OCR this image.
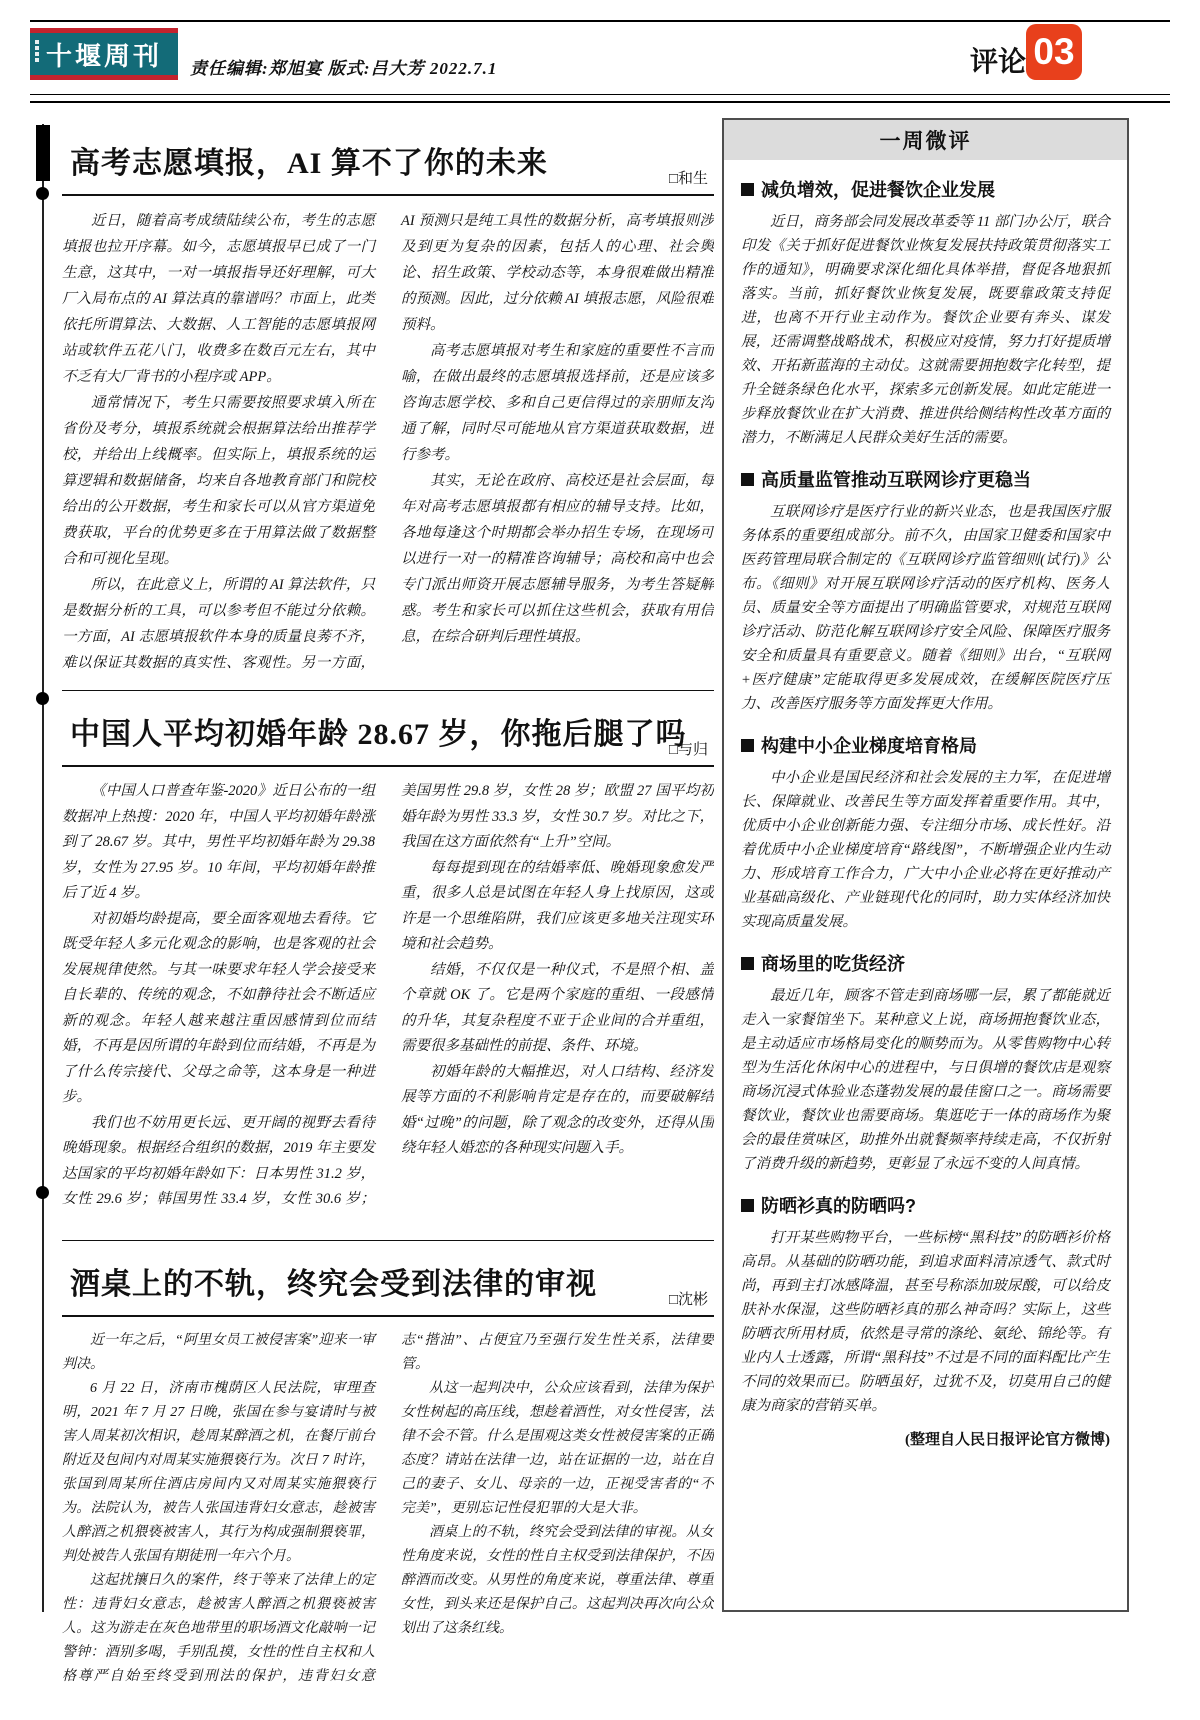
十堰周刊 责任编辑:郑旭宴 版式:吕大芳 2022.7.1	评论 03
高考志愿填报，AI 算不了你的未来	□和生

近日，随着高考成绩陆续公布，考生的志愿填报也拉开序幕。如今，志愿填报早已成了一门生意，这其中，一对一填报指导还好理解，可大厂入局布点的 AI 算法真的靠谱吗？市面上，此类依托所谓算法、大数据、人工智能的志愿填报网站或软件五花八门，收费多在数百元左右，其中不乏有大厂背书的小程序或 APP。

通常情况下，考生只需要按照要求填入所在省份及考分，填报系统就会根据算法给出推荐学校，并给出上线概率。但实际上，填报系统的运算逻辑和数据储备，均来自各地教育部门和院校给出的公开数据，考生和家长可以从官方渠道免费获取，平台的优势更多在于用算法做了数据整合和可视化呈现。

所以，在此意义上，所谓的 AI 算法软件，只是数据分析的工具，可以参考但不能过分依赖。一方面，AI 志愿填报软件本身的质量良莠不齐，难以保证其数据的真实性、客观性。另一方面，AI 预测只是纯工具性的数据分析，高考填报则涉及到更为复杂的因素，包括人的心理、社会舆论、招生政策、学校动态等，本身很难做出精准的预测。因此，过分依赖 AI 填报志愿，风险很难预料。

高考志愿填报对考生和家庭的重要性不言而喻，在做出最终的志愿填报选择前，还是应该多咨询志愿学校、多和自己更信得过的亲朋师友沟通了解，同时尽可能地从官方渠道获取数据，进行参考。

其实，无论在政府、高校还是社会层面，每年对高考志愿填报都有相应的辅导支持。比如，各地每逢这个时期都会举办招生专场，在现场可以进行一对一的精准咨询辅导；高校和高中也会专门派出师资开展志愿辅导服务，为考生答疑解惑。考生和家长可以抓住这些机会，获取有用信息，在综合研判后理性填报。

中国人平均初婚年龄 28.67 岁，你拖后腿了吗
□与归

《中国人口普查年鉴-2020》近日公布的一组数据冲上热搜：2020 年，中国人平均初婚年龄涨到了 28.67 岁。其中，男性平均初婚年龄为 29.38 岁，女性为 27.95 岁。10 年间，平均初婚年龄推后了近 4 岁。

对初婚均龄提高，要全面客观地去看待。它既受年轻人多元化观念的影响，也是客观的社会发展规律使然。与其一味要求年轻人学会接受来自长辈的、传统的观念，不如静待社会不断适应新的观念。年轻人越来越注重因感情到位而结婚，不再是因所谓的年龄到位而结婚，不再是为了什么传宗接代、父母之命等，这本身是一种进步。

我们也不妨用更长远、更开阔的视野去看待晚婚现象。根据经合组织的数据，2019 年主要发达国家的平均初婚年龄如下：日本男性 31.2 岁，女性 29.6 岁；韩国男性 33.4 岁，女性 30.6 岁；美国男性 29.8 岁，女性 28 岁；欧盟 27 国平均初婚年龄为男性 33.3 岁，女性 30.7 岁。对比之下，我国在这方面依然有“上升”空间。

每每提到现在的结婚率低、晚婚现象愈发严重，很多人总是试图在年轻人身上找原因，这或许是一个思维陷阱，我们应该更多地关注现实环境和社会趋势。

结婚，不仅仅是一种仪式，不是照个相、盖个章就 OK 了。它是两个家庭的重组、一段感情的升华，其复杂程度不亚于企业间的合并重组，需要很多基础性的前提、条件、环境。

初婚年龄的大幅推迟，对人口结构、经济发展等方面的不利影响肯定是存在的，而要破解结婚“过晚”的问题，除了观念的改变外，还得从围绕年轻人婚恋的各种现实问题入手。

酒桌上的不轨，终究会受到法律的审视	□沈彬

近一年之后，“阿里女员工被侵害案”迎来一审判决。

6 月 22 日，济南市槐荫区人民法院，审理查明，2021 年 7 月 27 日晚，张国在参与宴请时与被害人周某初次相识，趁周某醉酒之机，在餐厅前台附近及包间内对周某实施猥亵行为。次日 7 时许，张国到周某所住酒店房间内又对周某实施猥亵行为。法院认为，被告人张国违背妇女意志，趁被害人醉酒之机猥亵被害人，其行为构成强制猥亵罪，判处被告人张国有期徒刑一年六个月。

这起扰攘日久的案件，终于等来了法律上的定性：违背妇女意志，趁被害人醉酒之机猥亵被害人。这为游走在灰色地带里的职场酒文化敲响一记警钟：酒别多喝，手别乱摸，女性的性自主权和人格尊严自始至终受到刑法的保护，违背妇女意志“揩油”、占便宜乃至强行发生性关系，法律要管。

从这一起判决中，公众应该看到，法律为保护女性树起的高压线，想趁着酒性，对女性侵害，法律不会不管。什么是围观这类女性被侵害案的正确态度？请站在法律一边，站在证据的一边，站在自己的妻子、女儿、母亲的一边，正视受害者的“不完美”，更别忘记性侵犯罪的大是大非。

酒桌上的不轨，终究会受到法律的审视。从女性角度来说，女性的性自主权受到法律保护，不因醉酒而改变。从男性的角度来说，尊重法律、尊重女性，到头来还是保护自己。这起判决再次向公众划出了这条红线。

一周微评
减负增效，促进餐饮企业发展

近日，商务部会同发展改革委等 11 部门办公厅，联合印发《关于抓好促进餐饮业恢复发展扶持政策贯彻落实工作的通知》，明确要求深化细化具体举措，督促各地狠抓落实。当前，抓好餐饮业恢复发展，既要靠政策支持促进，也离不开行业主动作为。餐饮企业要有奔头、谋发展，还需调整战略战术，积极应对疫情，努力打好提质增效、开拓新蓝海的主动仗。这就需要拥抱数字化转型，提升全链条绿色化水平，探索多元创新发展。如此定能进一步释放餐饮业在扩大消费、推进供给侧结构性改革方面的潜力，不断满足人民群众美好生活的需要。

高质量监管推动互联网诊疗更稳当

互联网诊疗是医疗行业的新兴业态，也是我国医疗服务体系的重要组成部分。前不久，由国家卫健委和国家中医药管理局联合制定的《互联网诊疗监管细则(试行)》公布。《细则》对开展互联网诊疗活动的医疗机构、医务人员、质量安全等方面提出了明确监管要求，对规范互联网诊疗活动、防范化解互联网诊疗安全风险、保障医疗服务安全和质量具有重要意义。随着《细则》出台，“互联网+医疗健康”定能取得更多发展成效，在缓解医院医疗压力、改善医疗服务等方面发挥更大作用。

构建中小企业梯度培育格局

中小企业是国民经济和社会发展的主力军，在促进增长、保障就业、改善民生等方面发挥着重要作用。其中，优质中小企业创新能力强、专注细分市场、成长性好。沿着优质中小企业梯度培育“路线图”，不断增强企业内生动力、形成培育工作合力，广大中小企业必将在更好推动产业基础高级化、产业链现代化的同时，助力实体经济加快实现高质量发展。

商场里的吃货经济

最近几年，顾客不管走到商场哪一层，累了都能就近走入一家餐馆坐下。某种意义上说，商场拥抱餐饮业态，是主动适应市场格局变化的顺势而为。从零售购物中心转型为生活化休闲中心的进程中，与日俱增的餐饮店是观察商场沉浸式体验业态蓬勃发展的最佳窗口之一。商场需要餐饮业，餐饮业也需要商场。集逛吃于一体的商场作为聚会的最佳赏味区，助推外出就餐频率持续走高，不仅折射了消费升级的新趋势，更彰显了永远不变的人间真情。

防晒衫真的防晒吗?

打开某些购物平台，一些标榜“黑科技”的防晒衫价格高昂。从基础的防晒功能，到追求面料清凉透气、款式时尚，再到主打冰感降温，甚至号称添加玻尿酸，可以给皮肤补水保湿，这些防晒衫真的那么神奇吗？实际上，这些防晒衣所用材质，依然是寻常的涤纶、氨纶、锦纶等。有业内人士透露，所谓“黑科技”不过是不同的面料配比产生不同的效果而已。防晒虽好，过犹不及，切莫用自己的健康为商家的营销买单。

(整理自人民日报评论官方微博)
